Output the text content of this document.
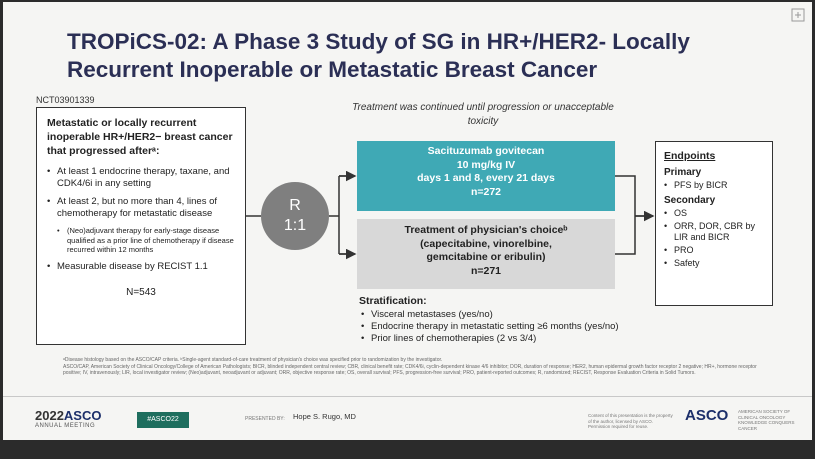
TROPiCS-02: A Phase 3 Study of SG in HR+/HER2- Locally Recurrent Inoperable or Metastatic Breast Cancer
NCT03901339
Metastatic or locally recurrent inoperable HR+/HER2− breast cancer that progressed afterᵃ:
• At least 1 endocrine therapy, taxane, and CDK4/6i in any setting
• At least 2, but no more than 4, lines of chemotherapy for metastatic disease
• (Neo)adjuvant therapy for early-stage disease qualified as a prior line of chemotherapy if disease recurred within 12 months
• Measurable disease by RECIST 1.1
N=543
R
1:1
Treatment was continued until progression or unacceptable toxicity
Sacituzumab govitecan
10 mg/kg IV
days 1 and 8, every 21 days
n=272
Treatment of physician's choiceᵇ
(capecitabine, vinorelbine,
gemcitabine or eribulin)
n=271
Endpoints
Primary
• PFS by BICR
Secondary
• OS
• ORR, DOR, CBR by LIR and BICR
• PRO
• Safety
Stratification:
• Visceral metastases (yes/no)
• Endocrine therapy in metastatic setting ≥6 months (yes/no)
• Prior lines of chemotherapies (2 vs 3/4)
ᵃDisease histology based on the ASCO/CAP criteria. ᵇSingle-agent standard-of-care treatment of physician's choice was specified prior to randomization by the investigator.
ASCO/CAP, American Society of Clinical Oncology/College of American Pathologists; BICR, blinded independent central review; CBR, clinical benefit rate; CDK4/6i, cyclin-dependent kinase 4/6 inhibitor; DOR, duration of response; HER2, human epidermal growth factor receptor 2 negative; HR+, hormone receptor positive; IV, intravenously; LIR, local investigator review; (Neo)adjuvant, neoadjuvant or adjuvant; ORR, objective response rate; OS, overall survival; PFS, progression-free survival; PRO, patient-reported outcomes; R, randomized; RECIST, Response Evaluation Criteria in Solid Tumors.
2022ASCO
ANNUAL MEETING
#ASCO22	PRESENTED BY: Hope S. Rugo, MD	Content of this presentation is the property of the author, licensed by ASCO. Permission required for reuse.
ASCO AMERICAN SOCIETY OF CLINICAL ONCOLOGY KNOWLEDGE CONQUERS CANCER
